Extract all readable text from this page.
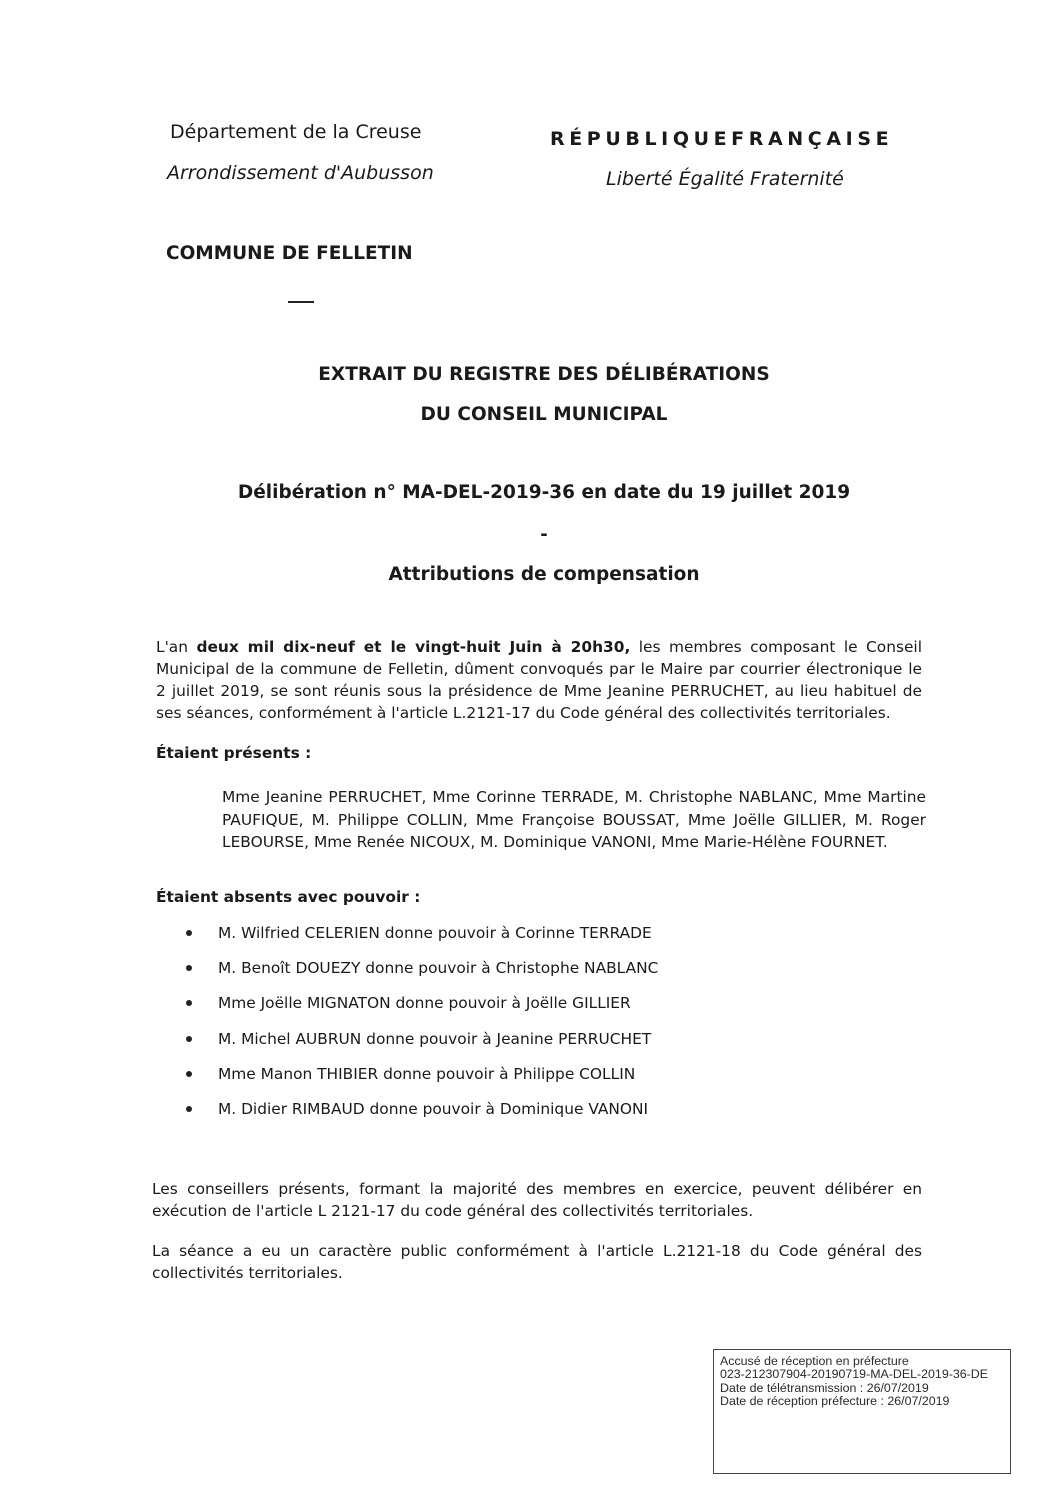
Département de la Creuse
Arrondissement d'Aubusson
RÉPUBLIQUEFRANÇAISE
Liberté Égalité Fraternité
COMMUNE DE FELLETIN
EXTRAIT DU REGISTRE DES DÉLIBÉRATIONS
DU CONSEIL MUNICIPAL
Délibération n° MA-DEL-2019-36 en date du 19 juillet 2019
-
Attributions de compensation
L'an deux mil dix-neuf et le vingt-huit Juin à 20h30, les membres composant le Conseil Municipal de la commune de Felletin, dûment convoqués par le Maire par courrier électronique le 2 juillet 2019, se sont réunis sous la présidence de Mme Jeanine PERRUCHET, au lieu habituel de ses séances, conformément à l'article L.2121-17 du Code général des collectivités territoriales.
Étaient présents :
Mme Jeanine PERRUCHET, Mme Corinne TERRADE, M. Christophe NABLANC, Mme Martine PAUFIQUE, M. Philippe COLLIN, Mme Françoise BOUSSAT, Mme Joëlle GILLIER, M. Roger LEBOURSE, Mme Renée NICOUX, M. Dominique VANONI, Mme Marie-Hélène FOURNET.
Étaient absents avec pouvoir :
M. Wilfried CELERIEN donne pouvoir à Corinne TERRADE
M. Benoît DOUEZY donne pouvoir à Christophe NABLANC
Mme Joëlle MIGNATON donne pouvoir à Joëlle GILLIER
M. Michel AUBRUN donne pouvoir à Jeanine PERRUCHET
Mme Manon THIBIER donne pouvoir à Philippe COLLIN
M. Didier RIMBAUD donne pouvoir à Dominique VANONI
Les conseillers présents, formant la majorité des membres en exercice, peuvent délibérer en exécution de l'article L 2121-17 du code général des collectivités territoriales.
La séance a eu un caractère public conformément à l'article L.2121-18 du Code général des collectivités territoriales.
Accusé de réception en préfecture
023-212307904-20190719-MA-DEL-2019-36-DE
Date de télétransmission : 26/07/2019
Date de réception préfecture : 26/07/2019
